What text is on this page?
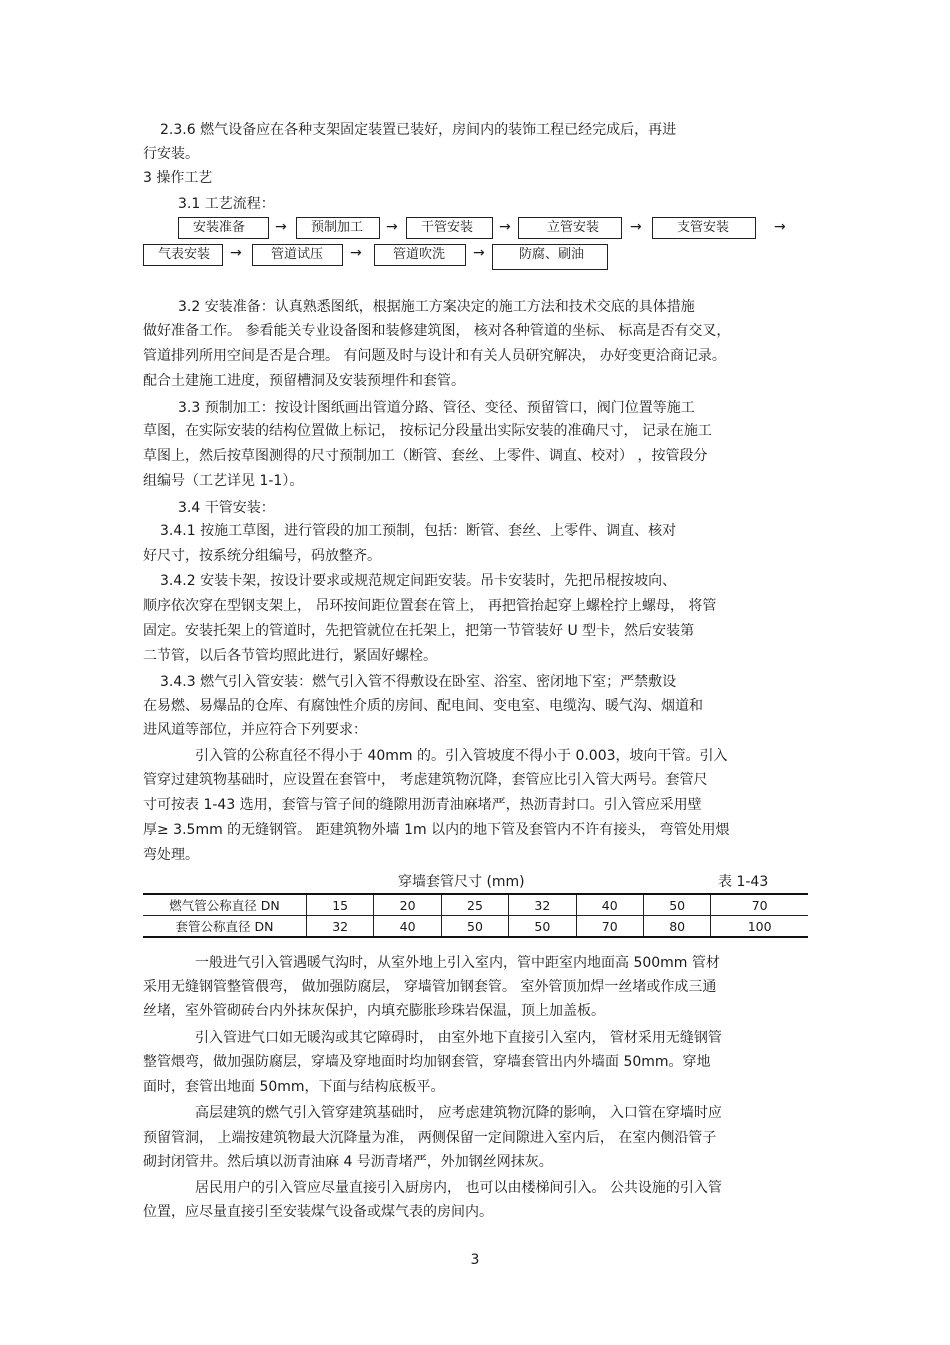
2.3.6 燃气设备应在各种支架固定装置已装好，房间内的装饰工程已经完成后，再进
行安装。
3 操作工艺
3.1 工艺流程：
安装准备	→	预制加工	→	干管安装	→	立管安装	→	支管安装	→
气表安装	→	管道试压	→	管道吹洗	→	防腐、刷油
3.2 安装准备：认真熟悉图纸，根据施工方案决定的施工方法和技术交底的具体措施
做好准备工作。 参看能关专业设备图和装修建筑图， 核对各种管道的坐标、 标高是否有交叉，
管道排列所用空间是否是合理。 有问题及时与设计和有关人员研究解决， 办好变更洽商记录。
配合土建施工进度，预留槽洞及安装预埋件和套管。
3.3 预制加工：按设计图纸画出管道分路、管径、变径、预留管口，阀门位置等施工
草图，在实际安装的结构位置做上标记， 按标记分段量出实际安装的准确尺寸， 记录在施工
草图上，然后按草图测得的尺寸预制加工（断管、套丝、上零件、调直、校对） ，按管段分
组编号（工艺详见 1-1）。
3.4 干管安装：
3.4.1 按施工草图，进行管段的加工预制，包括：断管、套丝、上零件、调直、核对
好尺寸，按系统分组编号，码放整齐。
3.4.2 安装卡架，按设计要求或规范规定间距安装。吊卡安装时，先把吊棍按坡向、
顺序依次穿在型钢支架上， 吊环按间距位置套在管上， 再把管抬起穿上螺栓拧上螺母， 将管
固定。安装托架上的管道时，先把管就位在托架上，把第一节管装好 U 型卡，然后安装第
二节管，以后各节管均照此进行，紧固好螺栓。
3.4.3 燃气引入管安装：燃气引入管不得敷设在卧室、浴室、密闭地下室；严禁敷设
在易燃、易爆品的仓库、有腐蚀性介质的房间、配电间、变电室、电缆沟、暖气沟、烟道和
进风道等部位，并应符合下列要求：
引入管的公称直径不得小于 40mm 的。引入管坡度不得小于 0.003，坡向干管。引入
管穿过建筑物基础时，应设置在套管中， 考虑建筑物沉降，套管应比引入管大两号。套管尺
寸可按表 1-43 选用，套管与管子间的缝隙用沥青油麻堵严，热沥青封口。引入管应采用壁
厚≥ 3.5mm 的无缝钢管。 距建筑物外墙 1m 以内的地下管及套管内不许有接头， 弯管处用煨
弯处理。
穿墙套管尺寸 (mm)	表 1-43
燃气管公称直径 DN	15	20	25	32	40	50	70
套管公称直径 DN	32	40	50	50	70	80	100
一般进气引入管遇暖气沟时，从室外地上引入室内，管中距室内地面高 500mm 管材
采用无缝钢管整管偎弯， 做加强防腐层， 穿墙管加钢套管。 室外管顶加焊一丝堵或作成三通
丝堵，室外管砌砖台内外抹灰保护，内填充膨胀珍珠岩保温，顶上加盖板。
引入管进气口如无暖沟或其它障碍时， 由室外地下直接引入室内， 管材采用无缝钢管
整管煨弯，做加强防腐层，穿墙及穿地面时均加钢套管，穿墙套管出内外墙面 50mm。穿地
面时，套管出地面 50mm，下面与结构底板平。
高层建筑的燃气引入管穿建筑基础时， 应考虑建筑物沉降的影响， 入口管在穿墙时应
预留管洞， 上端按建筑物最大沉降量为准， 两侧保留一定间隙进入室内后， 在室内侧沿管子
砌封闭管井。然后填以沥青油麻 4 号沥青堵严，外加钢丝网抹灰。
居民用户的引入管应尽量直接引入厨房内， 也可以由楼梯间引入。 公共设施的引入管
位置，应尽量直接引至安装煤气设备或煤气表的房间内。
3
